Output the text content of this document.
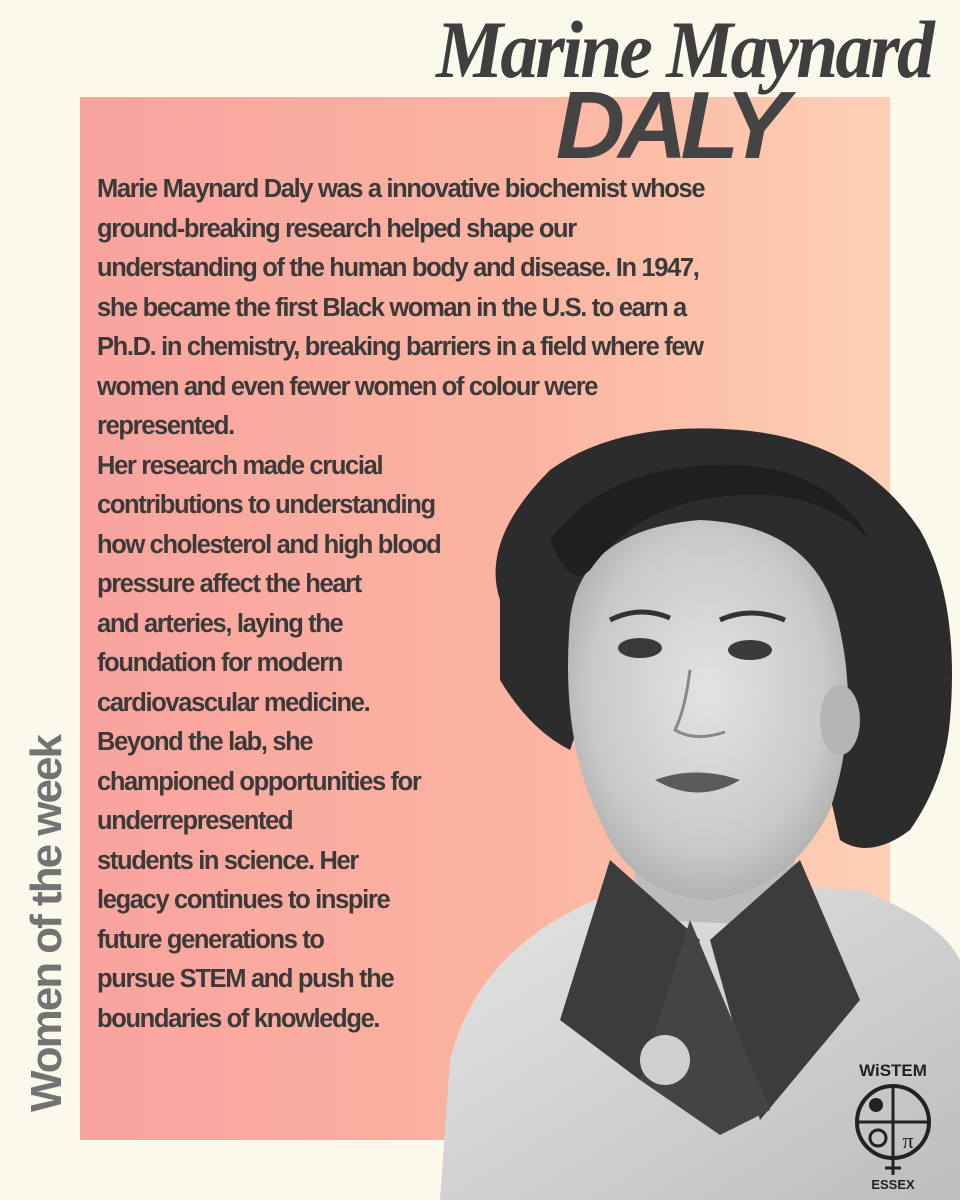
Marine Maynard
DALY

Women of the week

Marie Maynard Daly was a innovative biochemist whose
ground-breaking research helped shape our
understanding of the human body and disease. In 1947,
she became the first Black woman in the U.S. to earn a
Ph.D. in chemistry, breaking barriers in a field where few
women and even fewer women of colour were
represented.
Her research made crucial
contributions to understanding
how cholesterol and high blood
pressure affect the heart
and arteries, laying the
foundation for modern
cardiovascular medicine.
Beyond the lab, she
championed opportunities for
underrepresented
students in science. Her
legacy continues to inspire
future generations to
pursue STEM and push the
boundaries of knowledge.
WiSTEM
π
ESSEX
